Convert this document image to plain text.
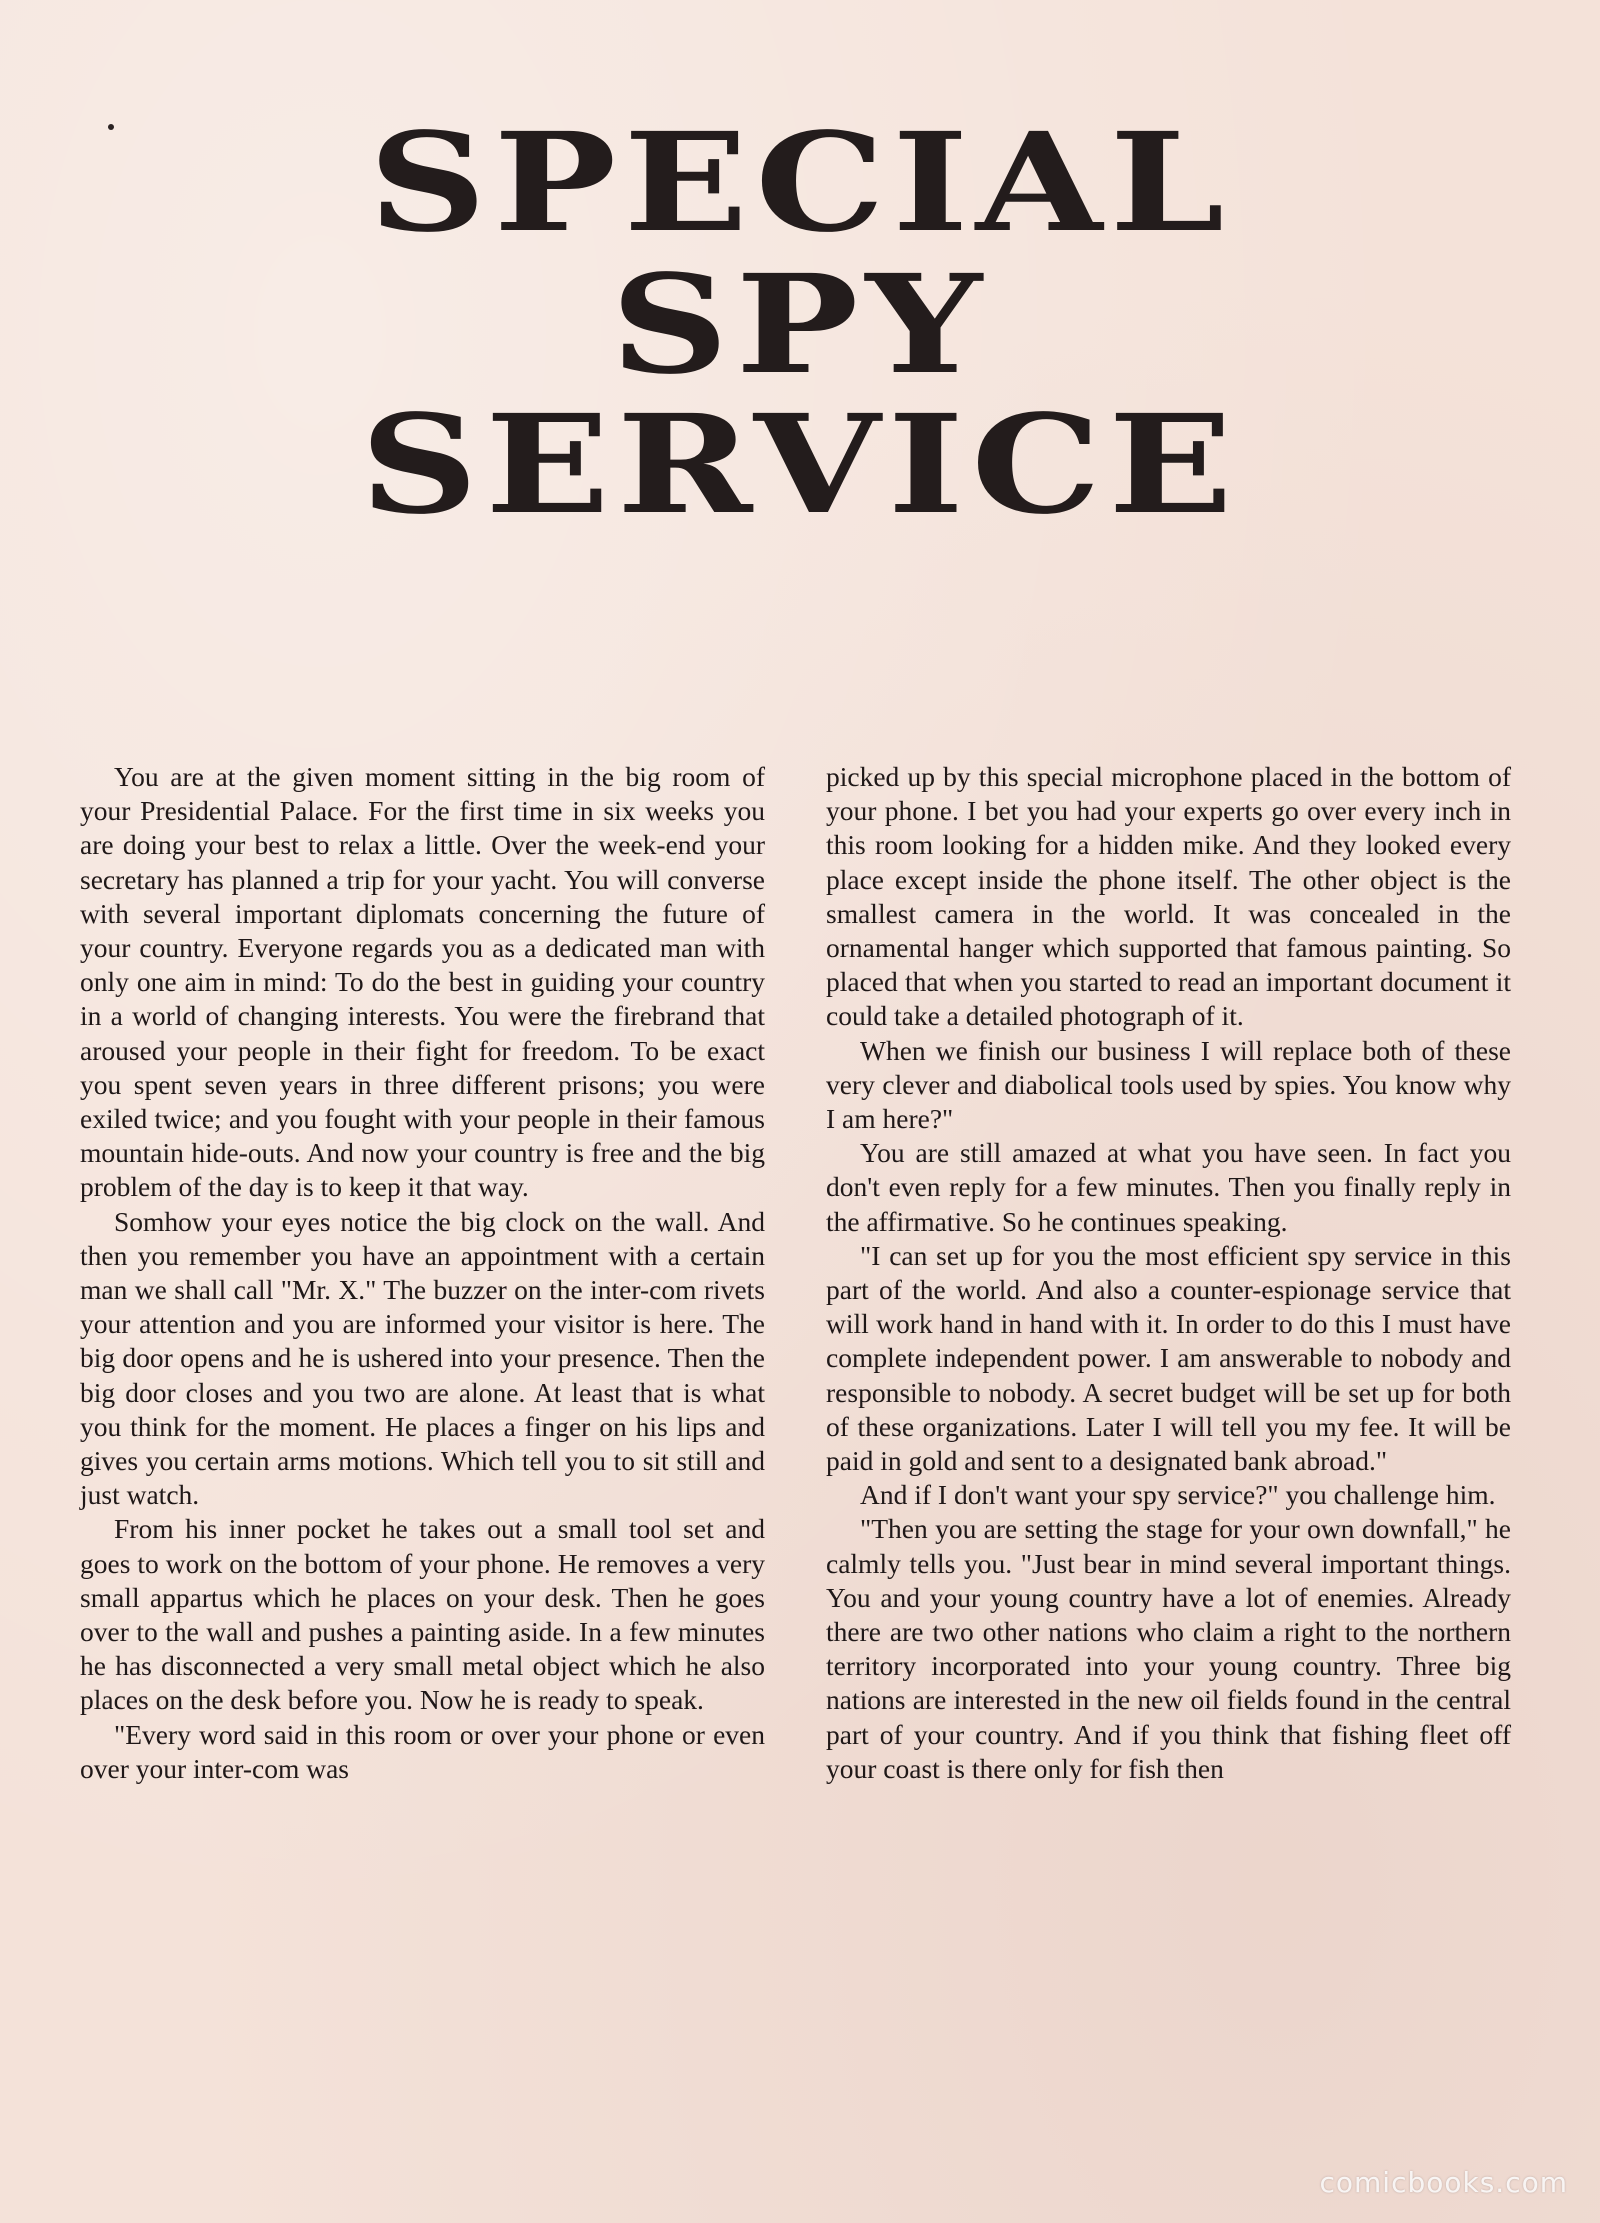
SPECIAL
SPY
SERVICE

You are at the given moment sitting in the big room of your Presidential Palace. For the first time in six weeks you are doing your best to relax a little. Over the week-end your secretary has planned a trip for your yacht. You will converse with several important diplomats concerning the future of your country. Everyone regards you as a dedicated man with only one aim in mind: To do the best in guiding your country in a world of changing interests. You were the firebrand that aroused your people in their fight for freedom. To be exact you spent seven years in three different prisons; you were exiled twice; and you fought with your people in their famous mountain hide-outs. And now your country is free and the big problem of the day is to keep it that way.

Somhow your eyes notice the big clock on the wall. And then you remember you have an appointment with a certain man we shall call "Mr. X." The buzzer on the inter-com rivets your attention and you are informed your visitor is here. The big door opens and he is ushered into your presence. Then the big door closes and you two are alone. At least that is what you think for the moment. He places a finger on his lips and gives you certain arms motions. Which tell you to sit still and just watch.

From his inner pocket he takes out a small tool set and goes to work on the bottom of your phone. He removes a very small appartus which he places on your desk. Then he goes over to the wall and pushes a painting aside. In a few minutes he has disconnected a very small metal object which he also places on the desk before you. Now he is ready to speak.

"Every word said in this room or over your phone or even over your inter-com was

picked up by this special microphone placed in the bottom of your phone. I bet you had your experts go over every inch in this room looking for a hidden mike. And they looked every place except inside the phone itself. The other object is the smallest camera in the world. It was concealed in the ornamental hanger which supported that famous painting. So placed that when you started to read an important document it could take a detailed photograph of it.

When we finish our business I will replace both of these very clever and diabolical tools used by spies. You know why I am here?"

You are still amazed at what you have seen. In fact you don't even reply for a few minutes. Then you finally reply in the affirmative. So he continues speaking.

"I can set up for you the most efficient spy service in this part of the world. And also a counter-espionage service that will work hand in hand with it. In order to do this I must have complete independent power. I am answerable to nobody and responsible to nobody. A secret budget will be set up for both of these organizations. Later I will tell you my fee. It will be paid in gold and sent to a designated bank abroad."

And if I don't want your spy service?" you challenge him.

"Then you are setting the stage for your own downfall," he calmly tells you. "Just bear in mind several important things. You and your young country have a lot of enemies. Already there are two other nations who claim a right to the northern territory incorporated into your young country. Three big nations are interested in the new oil fields found in the central part of your country. And if you think that fishing fleet off your coast is there only for fish then

comicbooks.com
